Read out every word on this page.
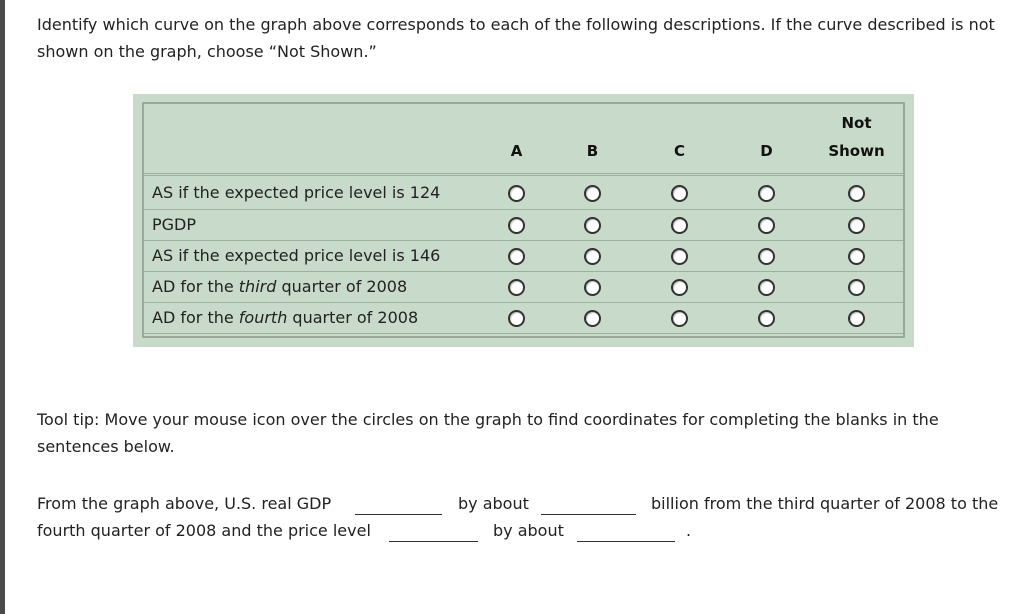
Identify which curve on the graph above corresponds to each of the following descriptions. If the curve described is not shown on the graph, choose “Not Shown.”

	A	B	C	D	Not
Shown
AS if the expected price level is 124					
PGDP					
AS if the expected price level is 146					
AD for the third quarter of 2008					
AD for the fourth quarter of 2008					

Tool tip: Move your mouse icon over the circles on the graph to find coordinates for completing the blanks in the sentences below.

From the graph above, U.S. real GDP	by about	billion from the third quarter of 2008 to the
fourth quarter of 2008 and the price level	by about	.
